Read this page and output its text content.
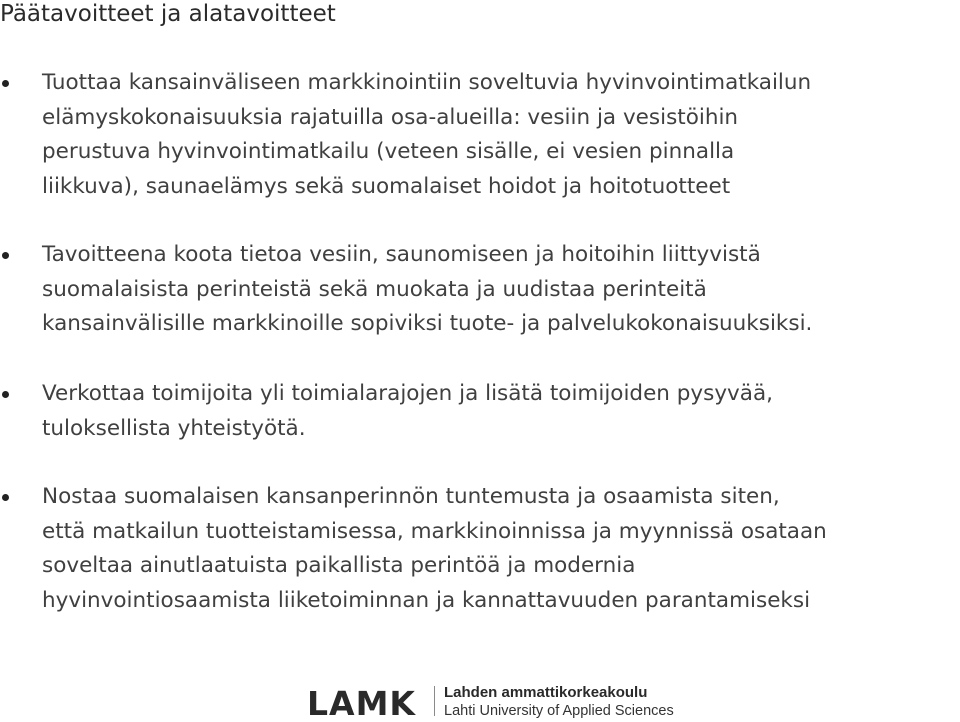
Päätavoitteet ja alatavoitteet
Tuottaa kansainväliseen markkinointiin soveltuvia hyvinvointimatkailun
elämyskokonaisuuksia rajatuilla osa-alueilla: vesiin ja vesistöihin
perustuva hyvinvointimatkailu (veteen sisälle, ei vesien pinnalla
liikkuva), saunaelämys sekä suomalaiset hoidot ja hoitotuotteet
Tavoitteena koota tietoa vesiin, saunomiseen ja hoitoihin liittyvistä
suomalaisista perinteistä sekä muokata ja uudistaa perinteitä
kansainvälisille markkinoille sopiviksi tuote- ja palvelukokonaisuuksiksi.
Verkottaa toimijoita yli toimialarajojen ja lisätä toimijoiden pysyvää,
tuloksellista yhteistyötä.
Nostaa suomalaisen kansanperinnön tuntemusta ja osaamista siten,
että matkailun tuotteistamisessa, markkinoinnissa ja myynnissä osataan
soveltaa ainutlaatuista paikallista perintöä ja modernia
hyvinvointiosaamista liiketoiminnan ja kannattavuuden parantamiseksi
LAMK Lahden ammattikorkeakoulu
Lahti University of Applied Sciences
